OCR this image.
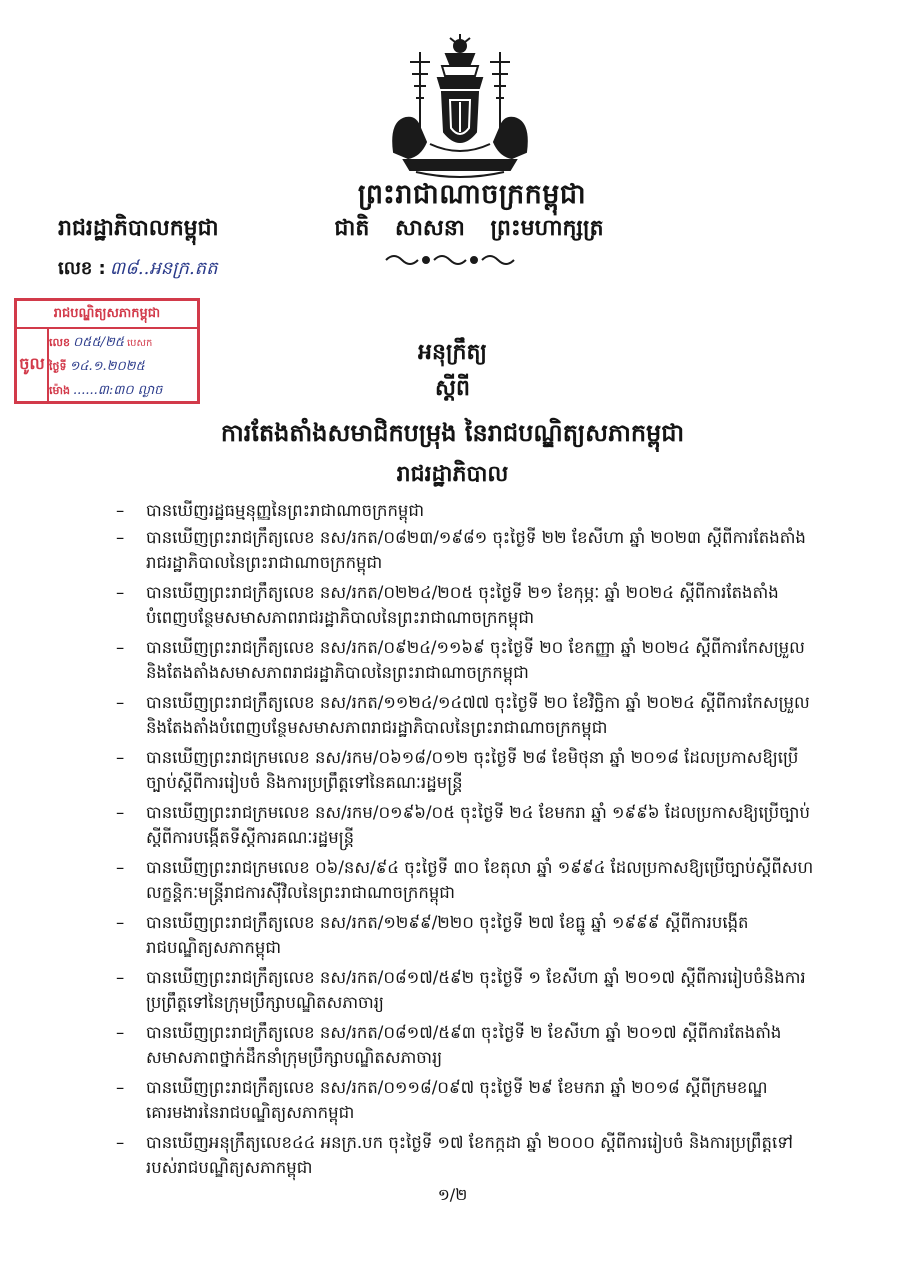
ព្រះរាជាណាចក្រកម្ពុជា
រាជរដ្ឋាភិបាលកម្ពុជា	ជាតិ សាសនា ព្រះមហាក្សត្រ
លេខ : ៣៨..អនក្រ.តត
រាជបណ្ឌិត្យសភាកម្ពុជា
ចូល
លេខ ០៥៥/២៥ បេសក
ថ្ងៃទី ១៤.១.២០២៥
ម៉ោង ......៣:៣០ ល្ងាច
អនុក្រឹត្យ
ស្ដីពី
ការតែងតាំងសមាជិកបម្រុង នៃរាជបណ្ឌិត្យសភាកម្ពុជា
រាជរដ្ឋាភិបាល
– បានឃើញរដ្ឋធម្មនុញ្ញនៃព្រះរាជាណាចក្រកម្ពុជា
– បានឃើញព្រះរាជក្រឹត្យលេខ នស/រកត/០៨២៣/១៩៨១ ចុះថ្ងៃទី ២២ ខែសីហា ឆ្នាំ ២០២៣ ស្ដីពីការតែងតាំងរាជរដ្ឋាភិបាលនៃព្រះរាជាណាចក្រកម្ពុជា
– បានឃើញព្រះរាជក្រឹត្យលេខ នស/រកត/០២២៤/២០៥ ចុះថ្ងៃទី ២១ ខែកុម្ភៈ ឆ្នាំ ២០២៤ ស្ដីពីការតែងតាំងបំពេញបន្ថែមសមាសភាពរាជរដ្ឋាភិបាលនៃព្រះរាជាណាចក្រកម្ពុជា
– បានឃើញព្រះរាជក្រឹត្យលេខ នស/រកត/០៩២៤/១១៦៩ ចុះថ្ងៃទី ២០ ខែកញ្ញា ឆ្នាំ ២០២៤ ស្ដីពីការកែសម្រួល និងតែងតាំងសមាសភាពរាជរដ្ឋាភិបាលនៃព្រះរាជាណាចក្រកម្ពុជា
– បានឃើញព្រះរាជក្រឹត្យលេខ នស/រកត/១១២៤/១៤៧៧ ចុះថ្ងៃទី ២០ ខែវិច្ឆិកា ឆ្នាំ ២០២៤ ស្ដីពីការកែសម្រួល និងតែងតាំងបំពេញបន្ថែមសមាសភាពរាជរដ្ឋាភិបាលនៃព្រះរាជាណាចក្រកម្ពុជា
– បានឃើញព្រះរាជក្រមលេខ នស/រកម/០៦១៨/០១២ ចុះថ្ងៃទី ២៨ ខែមិថុនា ឆ្នាំ ២០១៨ ដែលប្រកាសឱ្យប្រើច្បាប់ស្ដីពីការរៀបចំ និងការប្រព្រឹត្តទៅនៃគណៈរដ្ឋមន្ត្រី
– បានឃើញព្រះរាជក្រមលេខ នស/រកម/០១៩៦/០៥ ចុះថ្ងៃទី ២៤ ខែមករា ឆ្នាំ ១៩៩៦ ដែលប្រកាសឱ្យប្រើច្បាប់ស្ដីពីការបង្កើតទីស្ដីការគណៈរដ្ឋមន្ត្រី
– បានឃើញព្រះរាជក្រមលេខ ០៦/នស/៩៤ ចុះថ្ងៃទី ៣០ ខែតុលា ឆ្នាំ ១៩៩៤ ដែលប្រកាសឱ្យប្រើច្បាប់ស្ដីពីសហលក្ខន្តិកៈមន្ត្រីរាជការស៊ីវិលនៃព្រះរាជាណាចក្រកម្ពុជា
– បានឃើញព្រះរាជក្រឹត្យលេខ នស/រកត/១២៩៩/២២០ ចុះថ្ងៃទី ២៧ ខែធ្នូ ឆ្នាំ ១៩៩៩ ស្ដីពីការបង្កើតរាជបណ្ឌិត្យសភាកម្ពុជា
– បានឃើញព្រះរាជក្រឹត្យលេខ នស/រកត/០៨១៧/៥៩២ ចុះថ្ងៃទី ១ ខែសីហា ឆ្នាំ ២០១៧ ស្ដីពីការរៀបចំនិងការប្រព្រឹត្តទៅនៃក្រុមប្រឹក្សាបណ្ឌិតសភាចារ្យ
– បានឃើញព្រះរាជក្រឹត្យលេខ នស/រកត/០៨១៧/៥៩៣ ចុះថ្ងៃទី ២ ខែសីហា ឆ្នាំ ២០១៧ ស្ដីពីការតែងតាំងសមាសភាពថ្នាក់ដឹកនាំក្រុមប្រឹក្សាបណ្ឌិតសភាចារ្យ
– បានឃើញព្រះរាជក្រឹត្យលេខ នស/រកត/០១១៨/០៩៧ ចុះថ្ងៃទី ២៩ ខែមករា ឆ្នាំ ២០១៨ ស្ដីពីក្រមខណ្ឌគោរមងារនៃរាជបណ្ឌិត្យសភាកម្ពុជា
– បានឃើញអនុក្រឹត្យលេខ៤៤ អនក្រ.បក ចុះថ្ងៃទី ១៧ ខែកក្កដា ឆ្នាំ ២០០០ ស្ដីពីការរៀបចំ និងការប្រព្រឹត្តទៅរបស់រាជបណ្ឌិត្យសភាកម្ពុជា
១/២
